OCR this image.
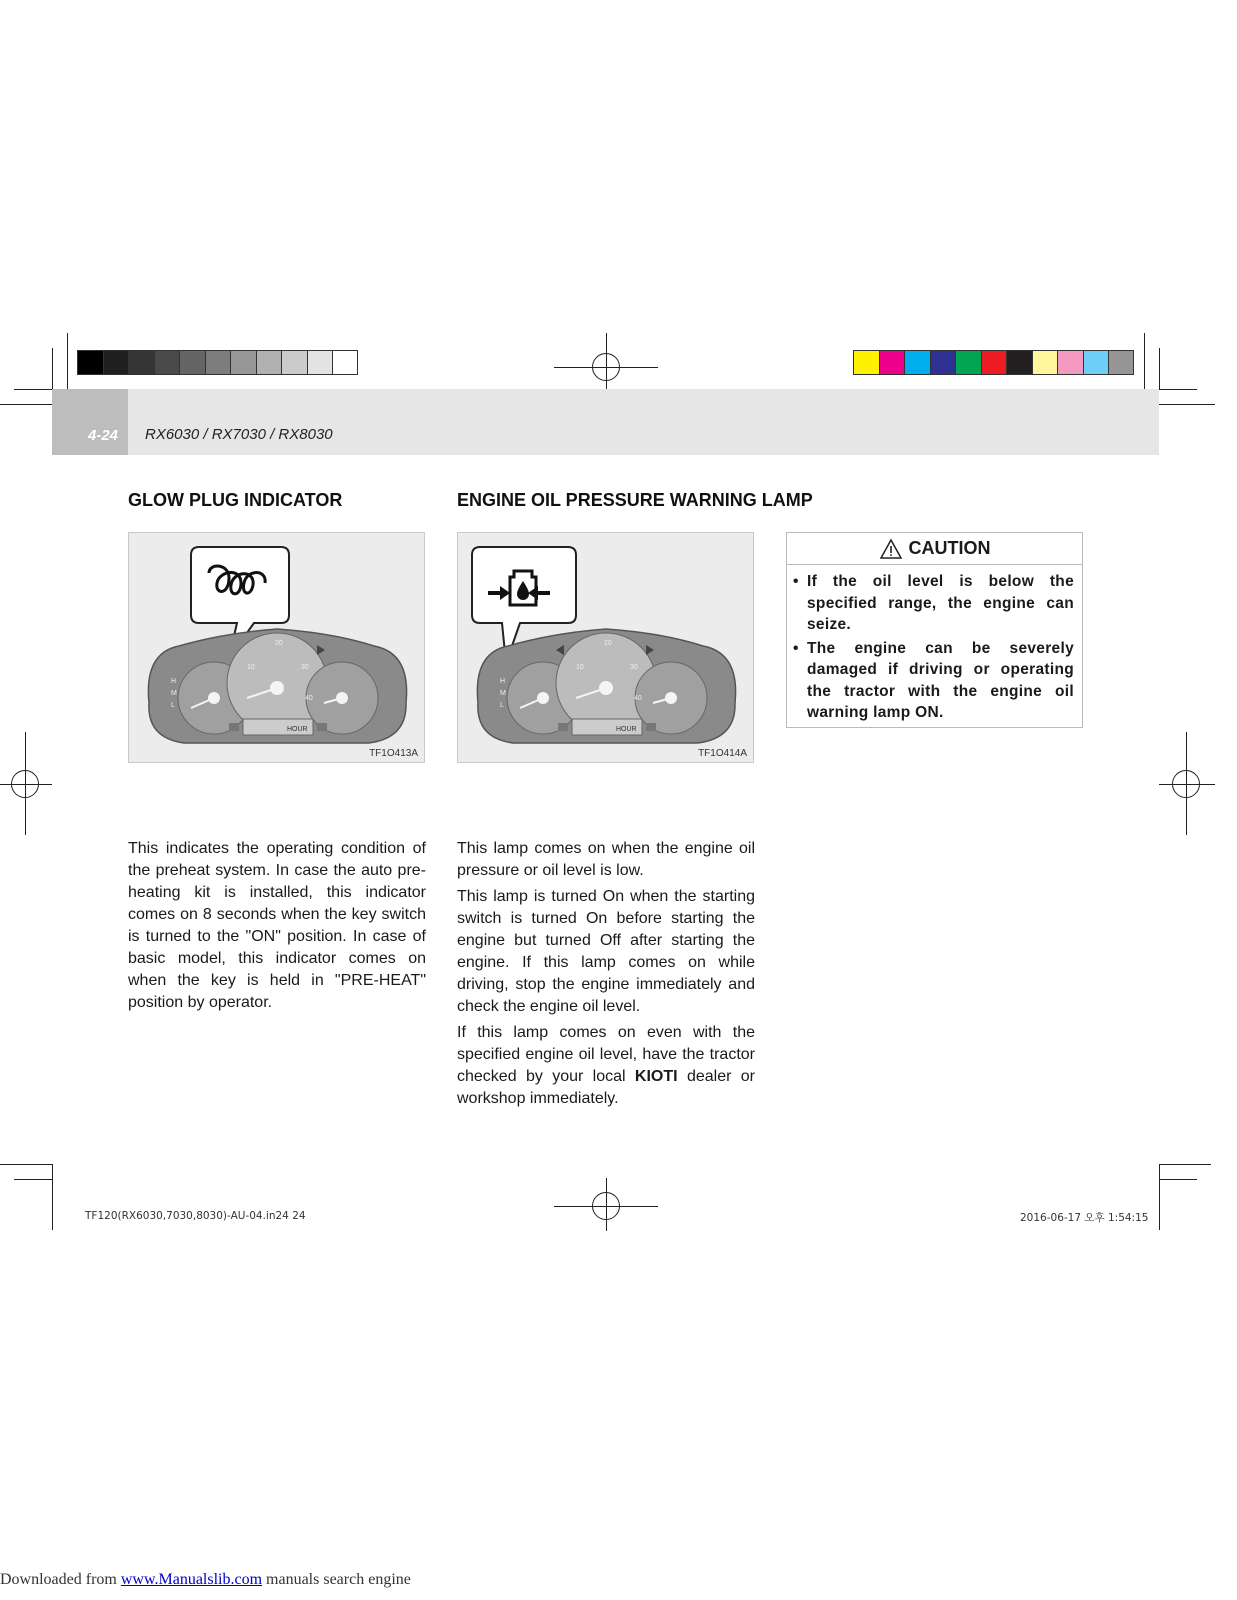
4-24 RX6030 / RX7030 / RX8030
GLOW PLUG INDICATOR	ENGINE OIL PRESSURE WARNING LAMP
20
10	30
40
H
M
L
HOUR
TF1O413A
20
10	30
40
H
M
L
HOUR
TF1O414A
CAUTION
• If the oil level is below the specified range, the engine can seize.
• The engine can be severely damaged if driving or operating the tractor with the engine oil warning lamp ON.

This indicates the operating condition of the preheat system. In case the auto pre-heating kit is installed, this indicator comes on 8 seconds when the key switch is turned to the "ON" position. In case of basic model, this indicator comes on when the key is held in "PRE-HEAT" position by operator.

This lamp comes on when the engine oil pressure or oil level is low.

This lamp is turned On when the starting switch is turned On before starting the engine but turned Off after starting the engine. If this lamp comes on while driving, stop the engine immediately and check the engine oil level.

If this lamp comes on even with the specified engine oil level, have the tractor checked by your local KIOTI dealer or workshop immediately.

TF120(RX6030,7030,8030)-AU-04.in24 24	2016-06-17 오후 1:54:15
Downloaded from www.Manualslib.com manuals search engine
